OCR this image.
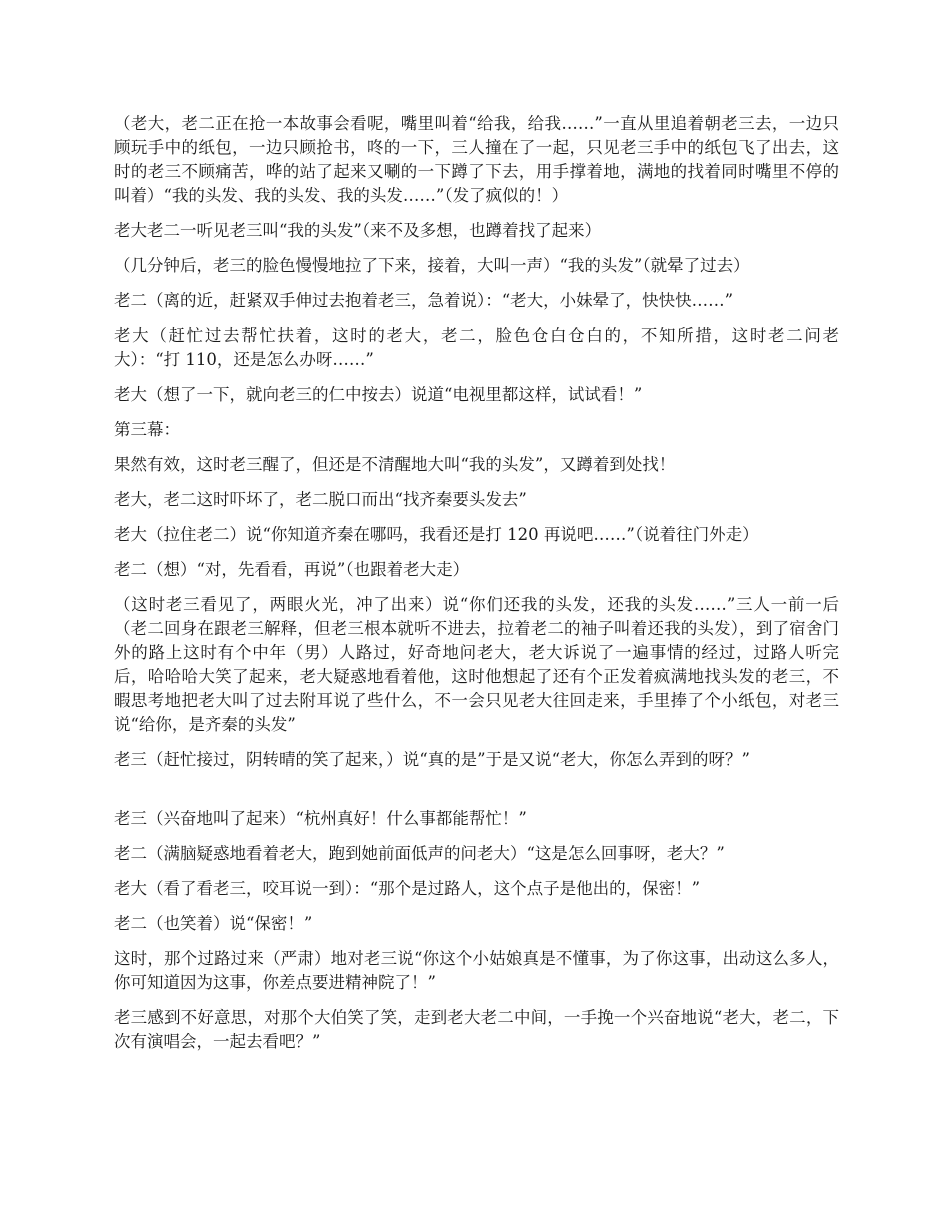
（老大，老二正在抢一本故事会看呢，嘴里叫着“给我，给我……”一直从里追着朝老三去，一边只顾玩手中的纸包，一边只顾抢书，咚的一下，三人撞在了一起，只见老三手中的纸包飞了出去，这时的老三不顾痛苦，哗的站了起来又唰的一下蹲了下去，用手撑着地，满地的找着同时嘴里不停的叫着）“我的头发、我的头发、我的头发……”（发了疯似的！）

老大老二一听见老三叫“我的头发”（来不及多想，也蹲着找了起来）

（几分钟后，老三的脸色慢慢地拉了下来，接着，大叫一声）“我的头发”（就晕了过去）

老二（离的近，赶紧双手伸过去抱着老三，急着说）：“老大，小妹晕了，快快快……”

老大（赶忙过去帮忙扶着，这时的老大，老二，脸色仓白仓白的，不知所措，这时老二问老大）：“打 110，还是怎么办呀……”

老大（想了一下，就向老三的仁中按去）说道“电视里都这样，试试看！”

第三幕：

果然有效，这时老三醒了，但还是不清醒地大叫“我的头发”，又蹲着到处找！

老大，老二这时吓坏了，老二脱口而出“找齐秦要头发去”

老大（拉住老二）说“你知道齐秦在哪吗，我看还是打 120 再说吧……”（说着往门外走）

老二（想）“对，先看看，再说”（也跟着老大走）

（这时老三看见了，两眼火光，冲了出来）说“你们还我的头发，还我的头发……”三人一前一后（老二回身在跟老三解释，但老三根本就听不进去，拉着老二的袖子叫着还我的头发），到了宿舍门外的路上这时有个中年（男）人路过，好奇地问老大，老大诉说了一遍事情的经过，过路人听完后，哈哈哈大笑了起来，老大疑惑地看着他，这时他想起了还有个正发着疯满地找头发的老三，不暇思考地把老大叫了过去附耳说了些什么，不一会只见老大往回走来，手里捧了个小纸包，对老三说“给你，是齐秦的头发”

老三（赶忙接过，阴转晴的笑了起来，）说“真的是”于是又说“老大，你怎么弄到的呀？”

老三（兴奋地叫了起来）“杭州真好！什么事都能帮忙！”

老二（满脑疑惑地看着老大，跑到她前面低声的问老大）“这是怎么回事呀，老大？”

老大（看了看老三，咬耳说一到）：“那个是过路人，这个点子是他出的，保密！”

老二（也笑着）说“保密！”

这时，那个过路过来（严肃）地对老三说“你这个小姑娘真是不懂事，为了你这事，出动这么多人，你可知道因为这事，你差点要进精神院了！”

老三感到不好意思，对那个大伯笑了笑，走到老大老二中间，一手挽一个兴奋地说“老大，老二，下次有演唱会，一起去看吧？”
